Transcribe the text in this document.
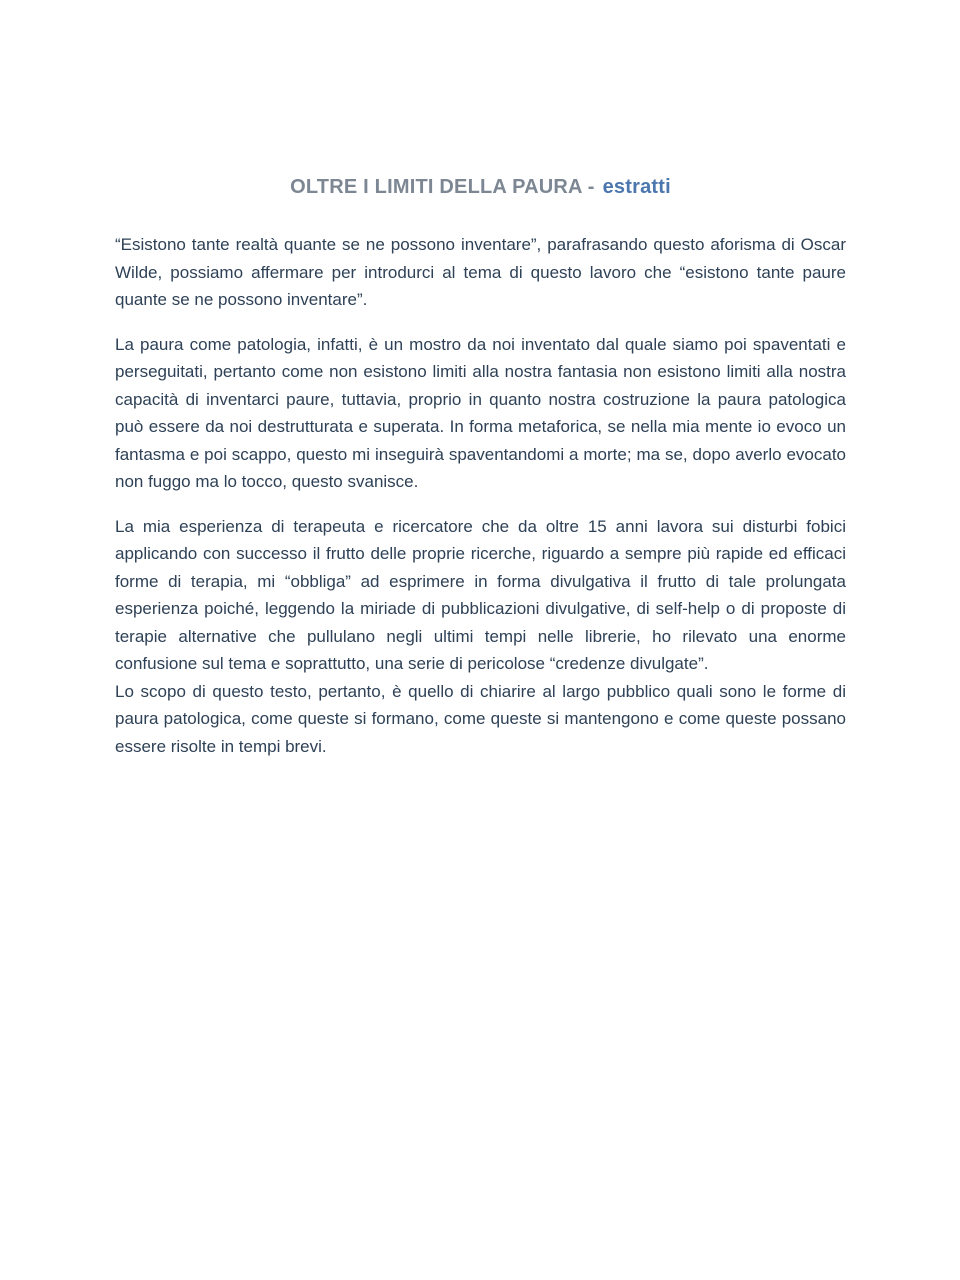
OLTRE I LIMITI DELLA PAURA - estratti

“Esistono tante realtà quante se ne possono inventare”, parafrasando questo aforisma di Oscar Wilde, possiamo affermare per introdurci al tema di questo lavoro che “esistono tante paure quante se ne possono inventare”.

La paura come patologia, infatti, è un mostro da noi inventato dal quale siamo poi spaventati e perseguitati, pertanto come non esistono limiti alla nostra fantasia non esistono limiti alla nostra capacità di inventarci paure, tuttavia, proprio in quanto nostra costruzione la paura patologica può essere da noi destrutturata e superata. In forma metaforica, se nella mia mente io evoco un fantasma e poi scappo, questo mi inseguirà spaventandomi a morte; ma se, dopo averlo evocato non fuggo ma lo tocco, questo svanisce.

La mia esperienza di terapeuta e ricercatore che da oltre 15 anni lavora sui disturbi fobici applicando con successo il frutto delle proprie ricerche, riguardo a sempre più rapide ed efficaci forme di terapia, mi “obbliga” ad esprimere in forma divulgativa il frutto di tale prolungata esperienza poiché, leggendo la miriade di pubblicazioni divulgative, di self-help o di proposte di terapie alternative che pullulano negli ultimi tempi nelle librerie, ho rilevato una enorme confusione sul tema e soprattutto, una serie di pericolose “credenze divulgate”.

Lo scopo di questo testo, pertanto, è quello di chiarire al largo pubblico quali sono le forme di paura patologica, come queste si formano, come queste si mantengono e come queste possano essere risolte in tempi brevi.
